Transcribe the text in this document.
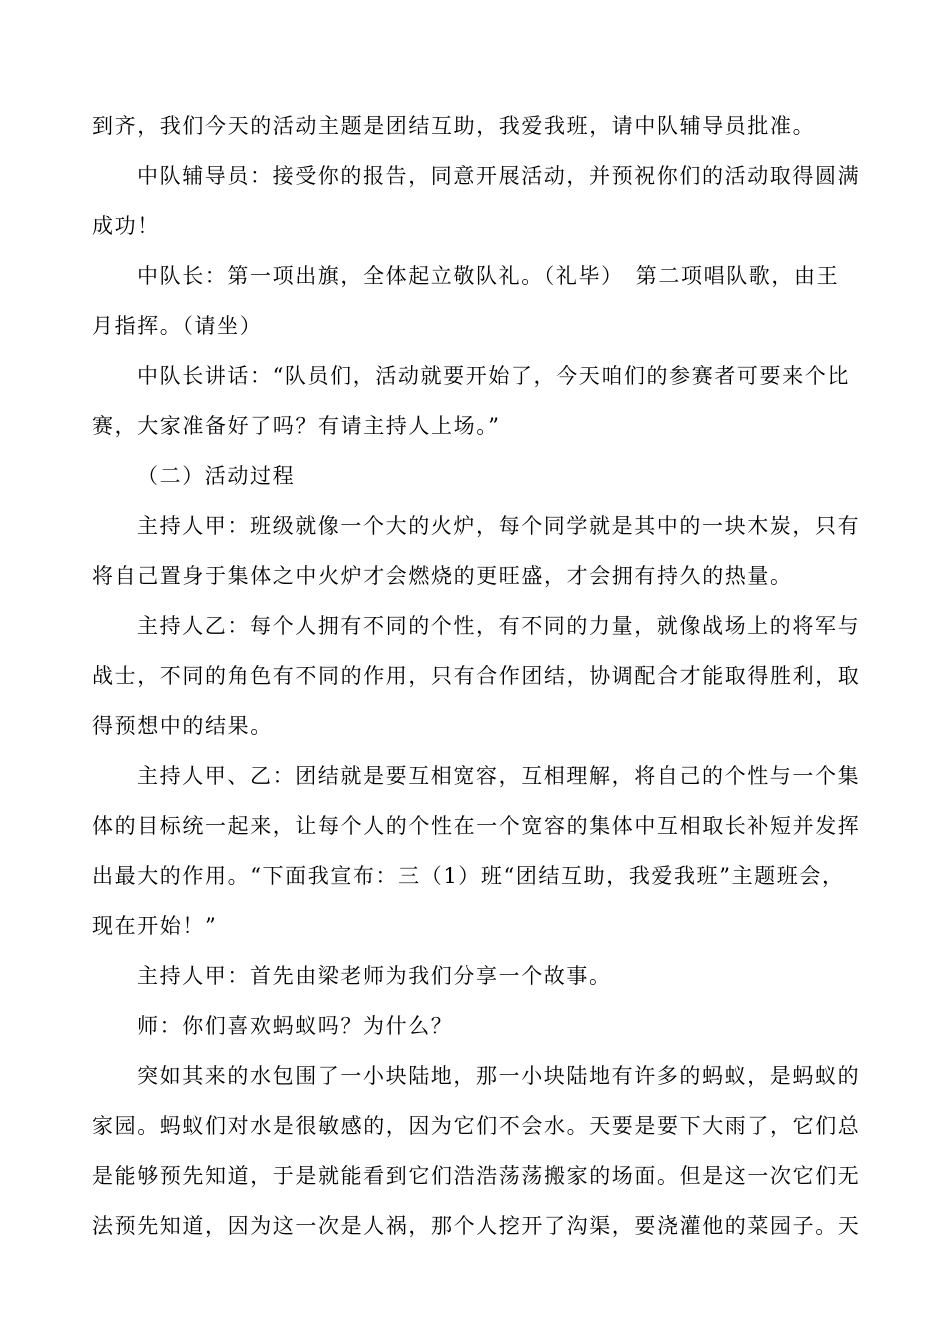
到齐，我们今天的活动主题是团结互助，我爱我班，请中队辅导员批准。
中队辅导员：接受你的报告，同意开展活动，并预祝你们的活动取得圆满
成功！
中队长：第一项出旗，全体起立敬队礼。（礼毕）　第二项唱队歌，由王
月指挥。（请坐）
中队长讲话：“队员们，活动就要开始了，今天咱们的参赛者可要来个比
赛，大家准备好了吗？有请主持人上场。”
（二）活动过程
主持人甲：班级就像一个大的火炉，每个同学就是其中的一块木炭，只有
将自己置身于集体之中火炉才会燃烧的更旺盛，才会拥有持久的热量。
主持人乙：每个人拥有不同的个性，有不同的力量，就像战场上的将军与
战士，不同的角色有不同的作用，只有合作团结，协调配合才能取得胜利，取
得预想中的结果。
主持人甲、乙：团结就是要互相宽容，互相理解，将自己的个性与一个集
体的目标统一起来，让每个人的个性在一个宽容的集体中互相取长补短并发挥
出最大的作用。“下面我宣布：三（1）班“团结互助，我爱我班”主题班会，
现在开始！”
主持人甲：首先由梁老师为我们分享一个故事。
师：你们喜欢蚂蚁吗？为什么？
突如其来的水包围了一小块陆地，那一小块陆地有许多的蚂蚁，是蚂蚁的
家园。蚂蚁们对水是很敏感的，因为它们不会水。天要是要下大雨了，它们总
是能够预先知道，于是就能看到它们浩浩荡荡搬家的场面。但是这一次它们无
法预先知道，因为这一次是人祸，那个人挖开了沟渠，要浇灌他的菜园子。天
